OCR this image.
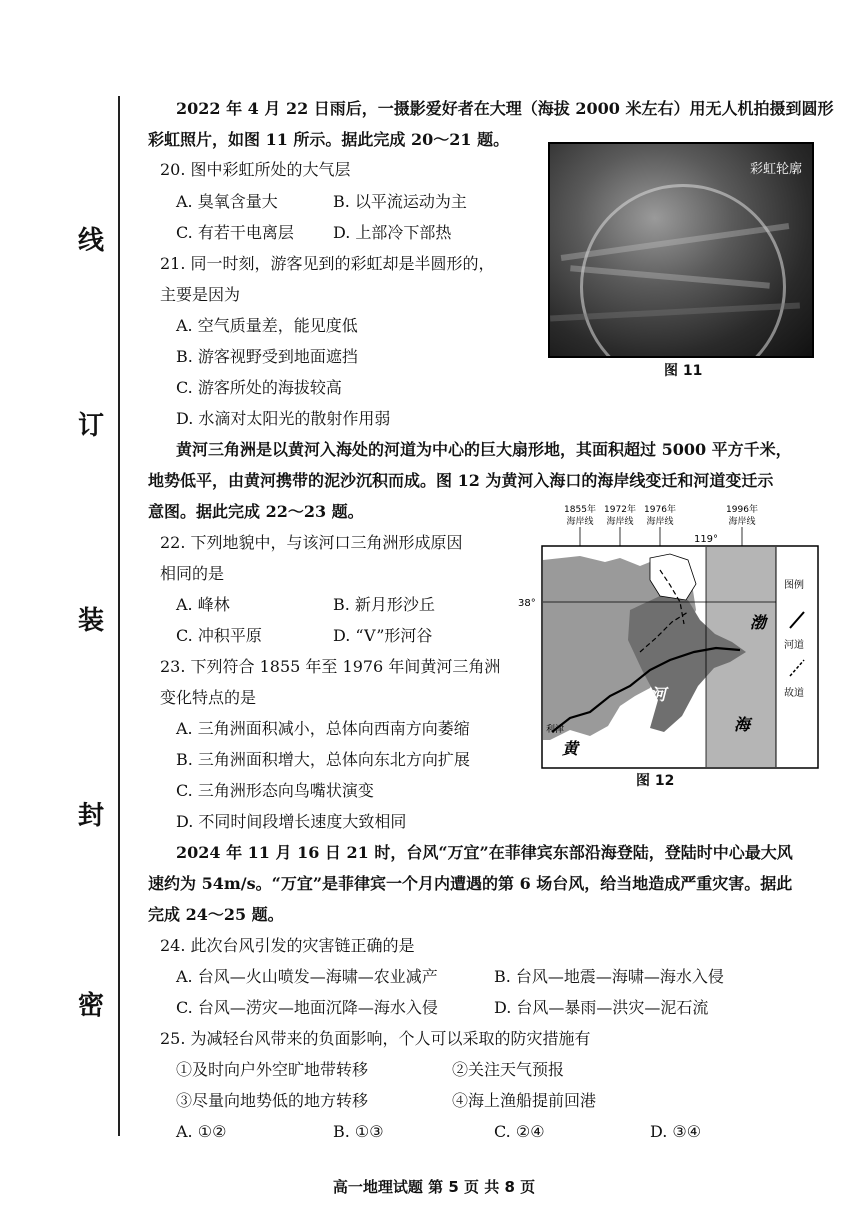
线
订
装
封
密
2022 年 4 月 22 日雨后，一摄影爱好者在大理（海拔 2000 米左右）用无人机拍摄到圆形
彩虹照片，如图 11 所示。据此完成 20～21 题。
20. 图中彩虹所处的大气层
A. 臭氧含量大	B. 以平流运动为主
C. 有若干电离层 D. 上部冷下部热
21. 同一时刻，游客见到的彩虹却是半圆形的，
主要是因为
A. 空气质量差，能见度低
B. 游客视野受到地面遮挡
C. 游客所处的海拔较高
D. 水滴对太阳光的散射作用弱
彩虹轮廓
图 11
黄河三角洲是以黄河入海处的河道为中心的巨大扇形地，其面积超过 5000 平方千米，
地势低平，由黄河携带的泥沙沉积而成。图 12 为黄河入海口的海岸线变迁和河道变迁示
意图。据此完成 22～23 题。
22. 下列地貌中，与该河口三角洲形成原因
相同的是
A. 峰林	B. 新月形沙丘
C. 冲积平原	D. “V”形河谷
23. 下列符合 1855 年至 1976 年间黄河三角洲
变化特点的是
A. 三角洲面积减小，总体向西南方向萎缩
B. 三角洲面积增大，总体向东北方向扩展
C. 三角洲形态向鸟嘴状演变
D. 不同时间段增长速度大致相同
1855年
海岸线
1972年
海岸线
1976年
海岸线
1996年
海岸线
119°
38°
渤
海
河
黄
利津
图例
河道
故道
图 12
2024 年 11 月 16 日 21 时，台风“万宜”在菲律宾东部沿海登陆，登陆时中心最大风
速约为 54m/s。“万宜”是菲律宾一个月内遭遇的第 6 场台风，给当地造成严重灾害。据此
完成 24～25 题。
24. 此次台风引发的灾害链正确的是
A. 台风—火山喷发—海啸—农业减产	B. 台风—地震—海啸—海水入侵
C. 台风—涝灾—地面沉降—海水入侵	D. 台风—暴雨—洪灾—泥石流
25. 为减轻台风带来的负面影响，个人可以采取的防灾措施有
①及时向户外空旷地带转移	②关注天气预报
③尽量向地势低的地方转移	④海上渔船提前回港
A. ①②	B. ①③	C. ②④	D. ③④
高一地理试题 第 5 页 共 8 页
